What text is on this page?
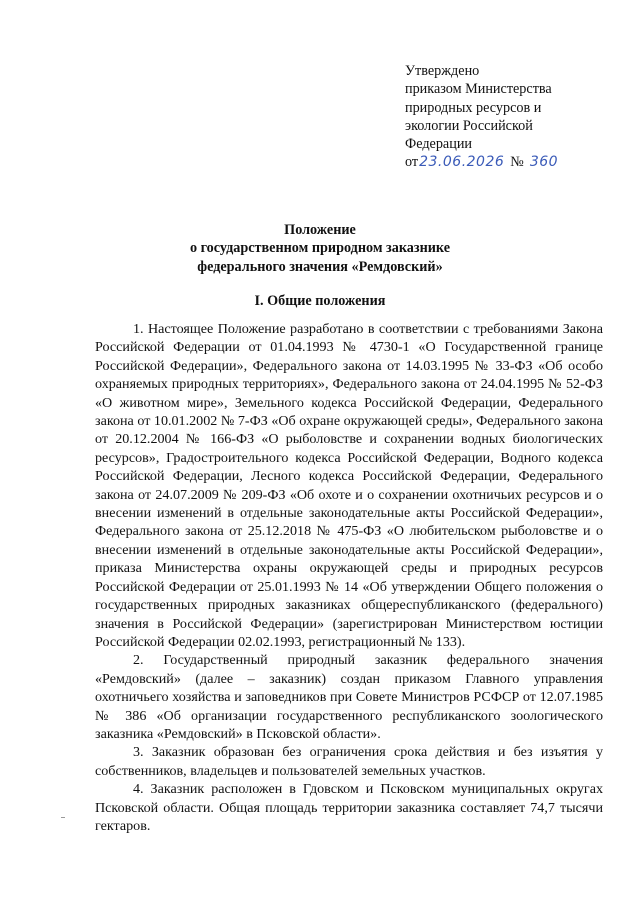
Утверждено
приказом Министерства
природных ресурсов и
экологии Российской
Федерации
от23.06.2026 № 360
Положение
о государственном природном заказнике
федерального значения «Ремдовский»
I. Общие положения

1. Настоящее Положение разработано в соответствии с требованиями Закона Российской Федерации от 01.04.1993 № 4730-1 «О Государственной границе Российской Федерации», Федерального закона от 14.03.1995 № 33-ФЗ «Об особо охраняемых природных территориях», Федерального закона от 24.04.1995 № 52-ФЗ «О животном мире», Земельного кодекса Российской Федерации, Федерального закона от 10.01.2002 № 7-ФЗ «Об охране окружающей среды», Федерального закона от 20.12.2004 № 166-ФЗ «О рыболовстве и сохранении водных биологических ресурсов», Градостроительного кодекса Российской Федерации, Водного кодекса Российской Федерации, Лесного кодекса Российской Федерации, Федерального закона от 24.07.2009 № 209-ФЗ «Об охоте и о сохранении охотничьих ресурсов и о внесении изменений в отдельные законодательные акты Российской Федерации», Федерального закона от 25.12.2018 № 475-ФЗ «О любительском рыболовстве и о внесении изменений в отдельные законодательные акты Российской Федерации», приказа Министерства охраны окружающей среды и природных ресурсов Российской Федерации от 25.01.1993 № 14 «Об утверждении Общего положения о государственных природных заказниках общереспубликанского (федерального) значения в Российской Федерации» (зарегистрирован Министерством юстиции Российской Федерации 02.02.1993, регистрационный № 133).

2. Государственный природный заказник федерального значения «Ремдовский» (далее – заказник) создан приказом Главного управления охотничьего хозяйства и заповедников при Совете Министров РСФСР от 12.07.1985 № 386 «Об организации государственного республиканского зоологического заказника «Ремдовский» в Псковской области».

3. Заказник образован без ограничения срока действия и без изъятия у собственников, владельцев и пользователей земельных участков.

4. Заказник расположен в Гдовском и Псковском муниципальных округах Псковской области. Общая площадь территории заказника составляет 74,7 тысячи гектаров.
